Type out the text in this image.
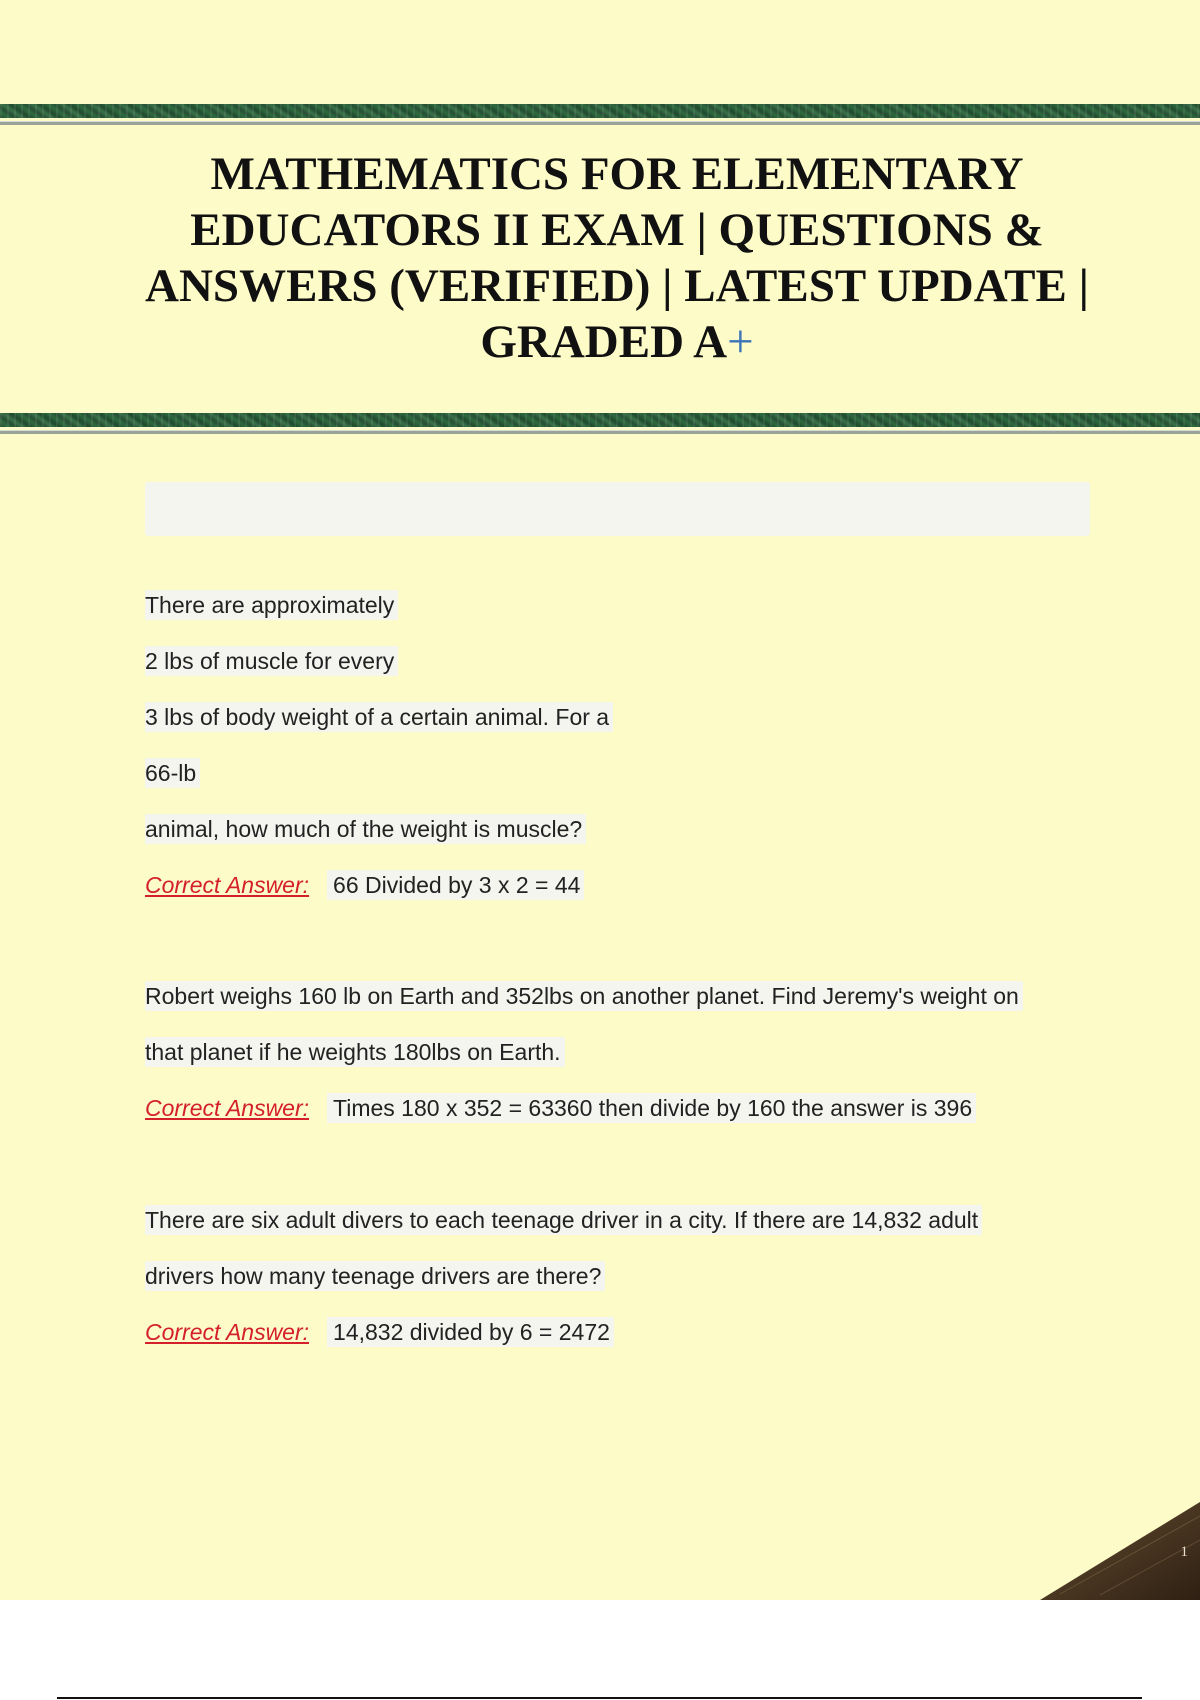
MATHEMATICS FOR ELEMENTARY EDUCATORS II EXAM | QUESTIONS & ANSWERS (VERIFIED) | LATEST UPDATE | GRADED A+
There are approximately
2 lbs of muscle for every
3 lbs of body weight of a certain animal. For a
66-lb
animal, how much of the weight is muscle?
Correct Answer: 66 Divided by 3 x 2 = 44
Robert weighs 160 lb on Earth and 352lbs on another planet. Find Jeremy's weight on
that planet if he weights 180lbs on Earth.
Correct Answer: Times 180 x 352 = 63360 then divide by 160 the answer is 396
There are six adult divers to each teenage driver in a city. If there are 14,832 adult
drivers how many teenage drivers are there?
Correct Answer: 14,832 divided by 6 = 2472
1
